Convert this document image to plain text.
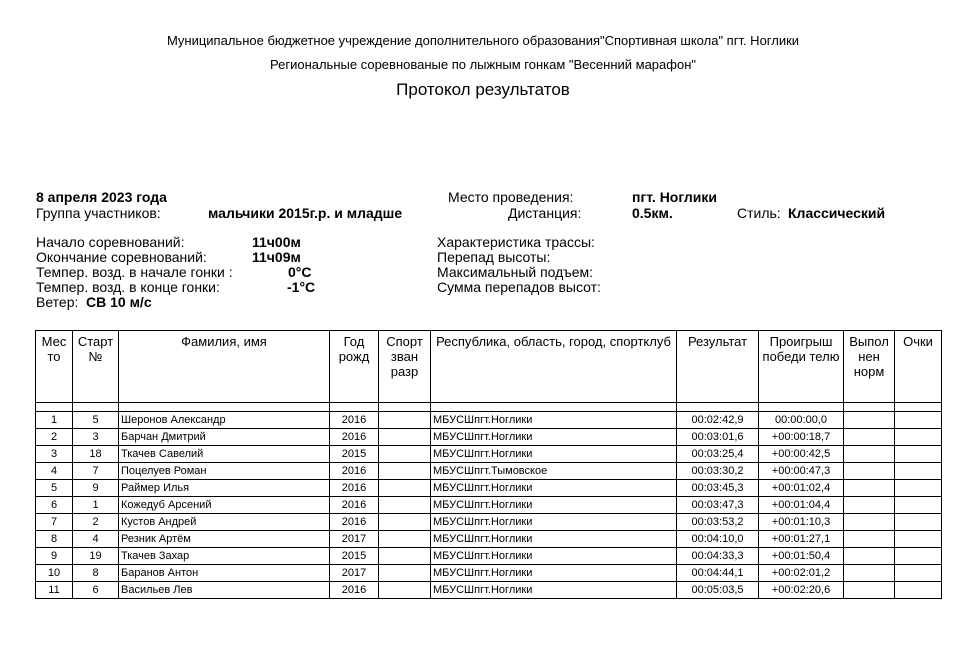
Муниципальное бюджетное учреждение дополнительного образования"Спортивная школа" пгт. Ноглики
Региональные соревнованые по лыжным гонкам "Весенний марафон"
Протокол результатов
8 апреля 2023 года
Группа участников:	мальчики 2015г.р. и младше
Место проведения:	пгт. Ноглики
Дистанция:	0.5км.	Стиль: Классический
Начало соревнований:	11ч00м
Окончание соревнований:	11ч09м
Темпер. возд. в начале гонки :	0°C
Темпер. возд. в конце гонки:	-1°C
Ветер: СВ 10 м/с
Характеристика трассы:
Перепад высоты:
Максимальный подъем:
Сумма перепадов высот:
Мес то	Старт №	Фамилия, имя	Год рожд	Спорт зван разр	Республика, область, город, спортклуб	Результат	Проигрыш победи телю	Выпол нен норм	Очки

1	5	Шеронов Александр	2016		МБУСШпгт.Ноглики	00:02:42,9	00:00:00,0		
2	3	Барчан Дмитрий	2016		МБУСШпгт.Ноглики	00:03:01,6	+00:00:18,7		
3	18	Ткачев Савелий	2015		МБУСШпгт.Ноглики	00:03:25,4	+00:00:42,5		
4	7	Поцелуев Роман	2016		МБУСШпгт.Тымовское	00:03:30,2	+00:00:47,3		
5	9	Раймер Илья	2016		МБУСШпгт.Ноглики	00:03:45,3	+00:01:02,4		
6	1	Кожедуб Арсений	2016		МБУСШпгт.Ноглики	00:03:47,3	+00:01:04,4		
7	2	Кустов Андрей	2016		МБУСШпгт.Ноглики	00:03:53,2	+00:01:10,3		
8	4	Резник Артём	2017		МБУСШпгт.Ноглики	00:04:10,0	+00:01:27,1		
9	19	Ткачев Захар	2015		МБУСШпгт.Ноглики	00:04:33,3	+00:01:50,4		
10	8	Баранов Антон	2017		МБУСШпгт.Ноглики	00:04:44,1	+00:02:01,2		
11	6	Васильев Лев	2016		МБУСШпгт.Ноглики	00:05:03,5	+00:02:20,6		
